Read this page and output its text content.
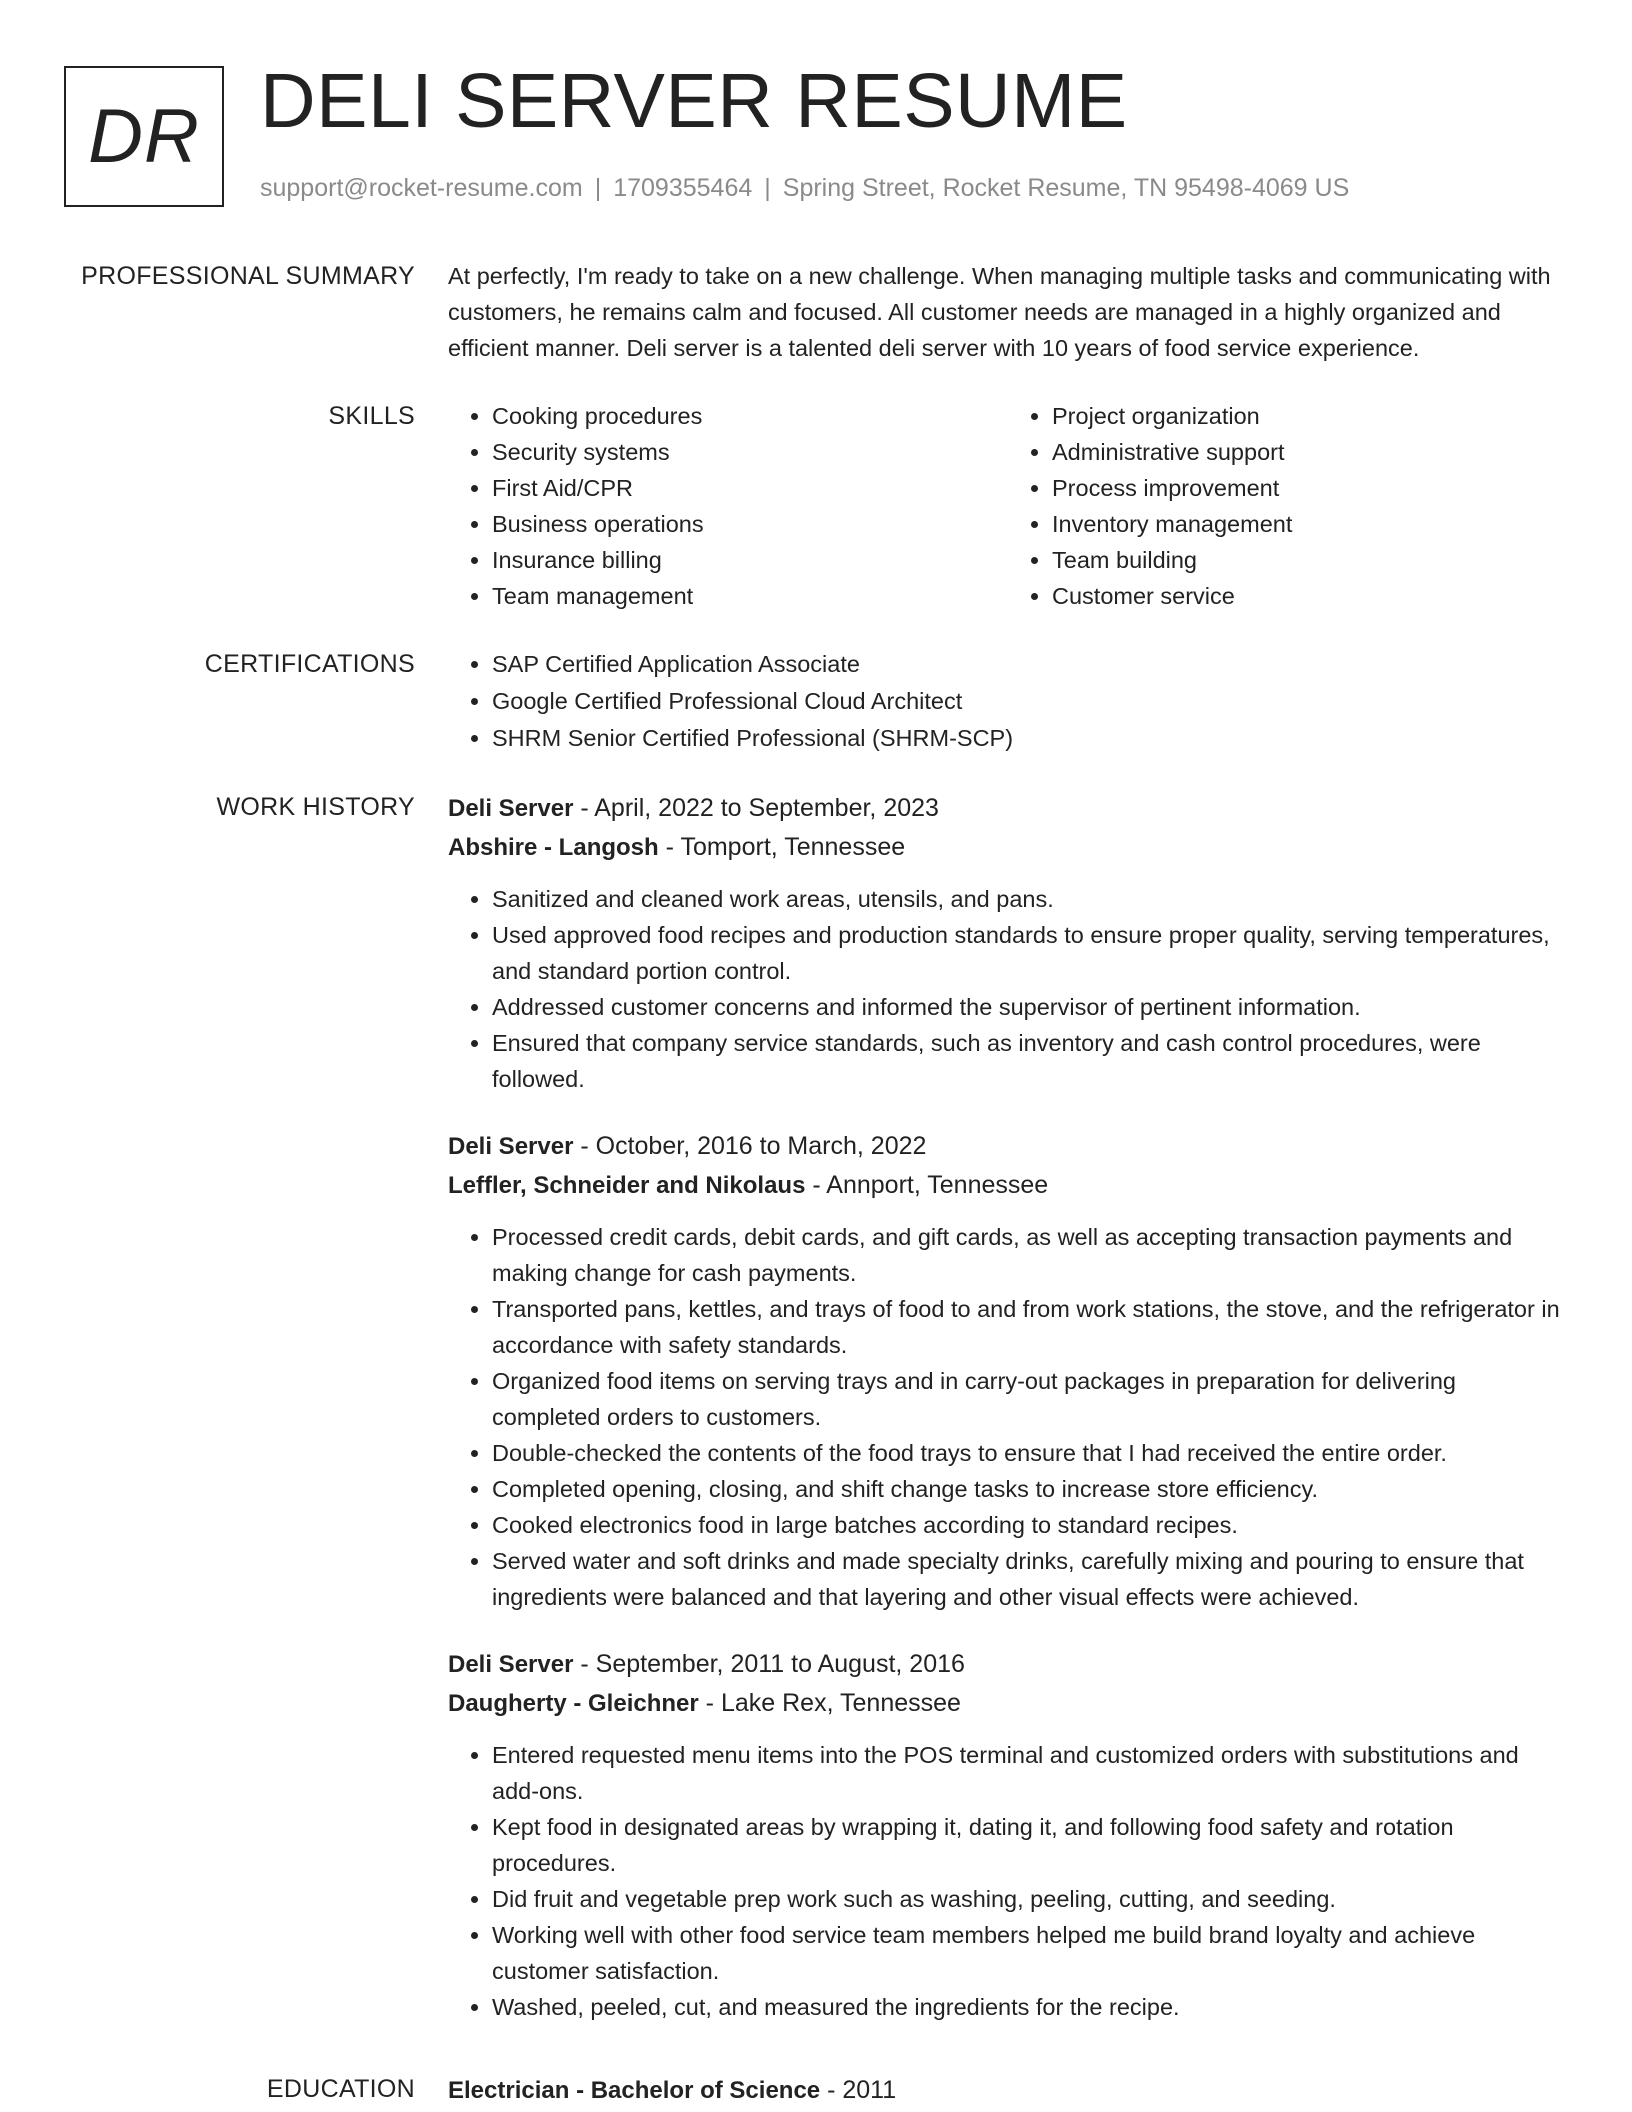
DR DELI SERVER RESUME
support@rocket-resume.com | 1709355464 | Spring Street, Rocket Resume, TN 95498-4069 US
PROFESSIONAL SUMMARY At perfectly, I'm ready to take on a new challenge. When managing multiple tasks and communicating with customers, he remains calm and focused. All customer needs are managed in a highly organized and efficient manner. Deli server is a talented deli server with 10 years of food service experience.

SKILLS	• Cooking procedures
• Security systems
• First Aid/CPR
• Business operations
• Insurance billing
• Team management
• Project organization
• Administrative support
• Process improvement
• Inventory management
• Team building
• Customer service
CERTIFICATIONS	• SAP Certified Application Associate
• Google Certified Professional Cloud Architect
• SHRM Senior Certified Professional (SHRM-SCP)
WORK HISTORY Deli Server - April, 2022 to September, 2023
Abshire - Langosh - Tomport, Tennessee
• Sanitized and cleaned work areas, utensils, and pans.
• Used approved food recipes and production standards to ensure proper quality, serving temperatures, and standard portion control.
• Addressed customer concerns and informed the supervisor of pertinent information.
• Ensured that company service standards, such as inventory and cash control procedures, were followed.
Deli Server - October, 2016 to March, 2022
Leffler, Schneider and Nikolaus - Annport, Tennessee
• Processed credit cards, debit cards, and gift cards, as well as accepting transaction payments and making change for cash payments.
• Transported pans, kettles, and trays of food to and from work stations, the stove, and the refrigerator in accordance with safety standards.
• Organized food items on serving trays and in carry-out packages in preparation for delivering completed orders to customers.
• Double-checked the contents of the food trays to ensure that I had received the entire order.
• Completed opening, closing, and shift change tasks to increase store efficiency.
• Cooked electronics food in large batches according to standard recipes.
• Served water and soft drinks and made specialty drinks, carefully mixing and pouring to ensure that ingredients were balanced and that layering and other visual effects were achieved.
Deli Server - September, 2011 to August, 2016
Daugherty - Gleichner - Lake Rex, Tennessee
• Entered requested menu items into the POS terminal and customized orders with substitutions and add-ons.
• Kept food in designated areas by wrapping it, dating it, and following food safety and rotation procedures.
• Did fruit and vegetable prep work such as washing, peeling, cutting, and seeding.
• Working well with other food service team members helped me build brand loyalty and achieve customer satisfaction.
• Washed, peeled, cut, and measured the ingredients for the recipe.
EDUCATION Electrician - Bachelor of Science - 2011
